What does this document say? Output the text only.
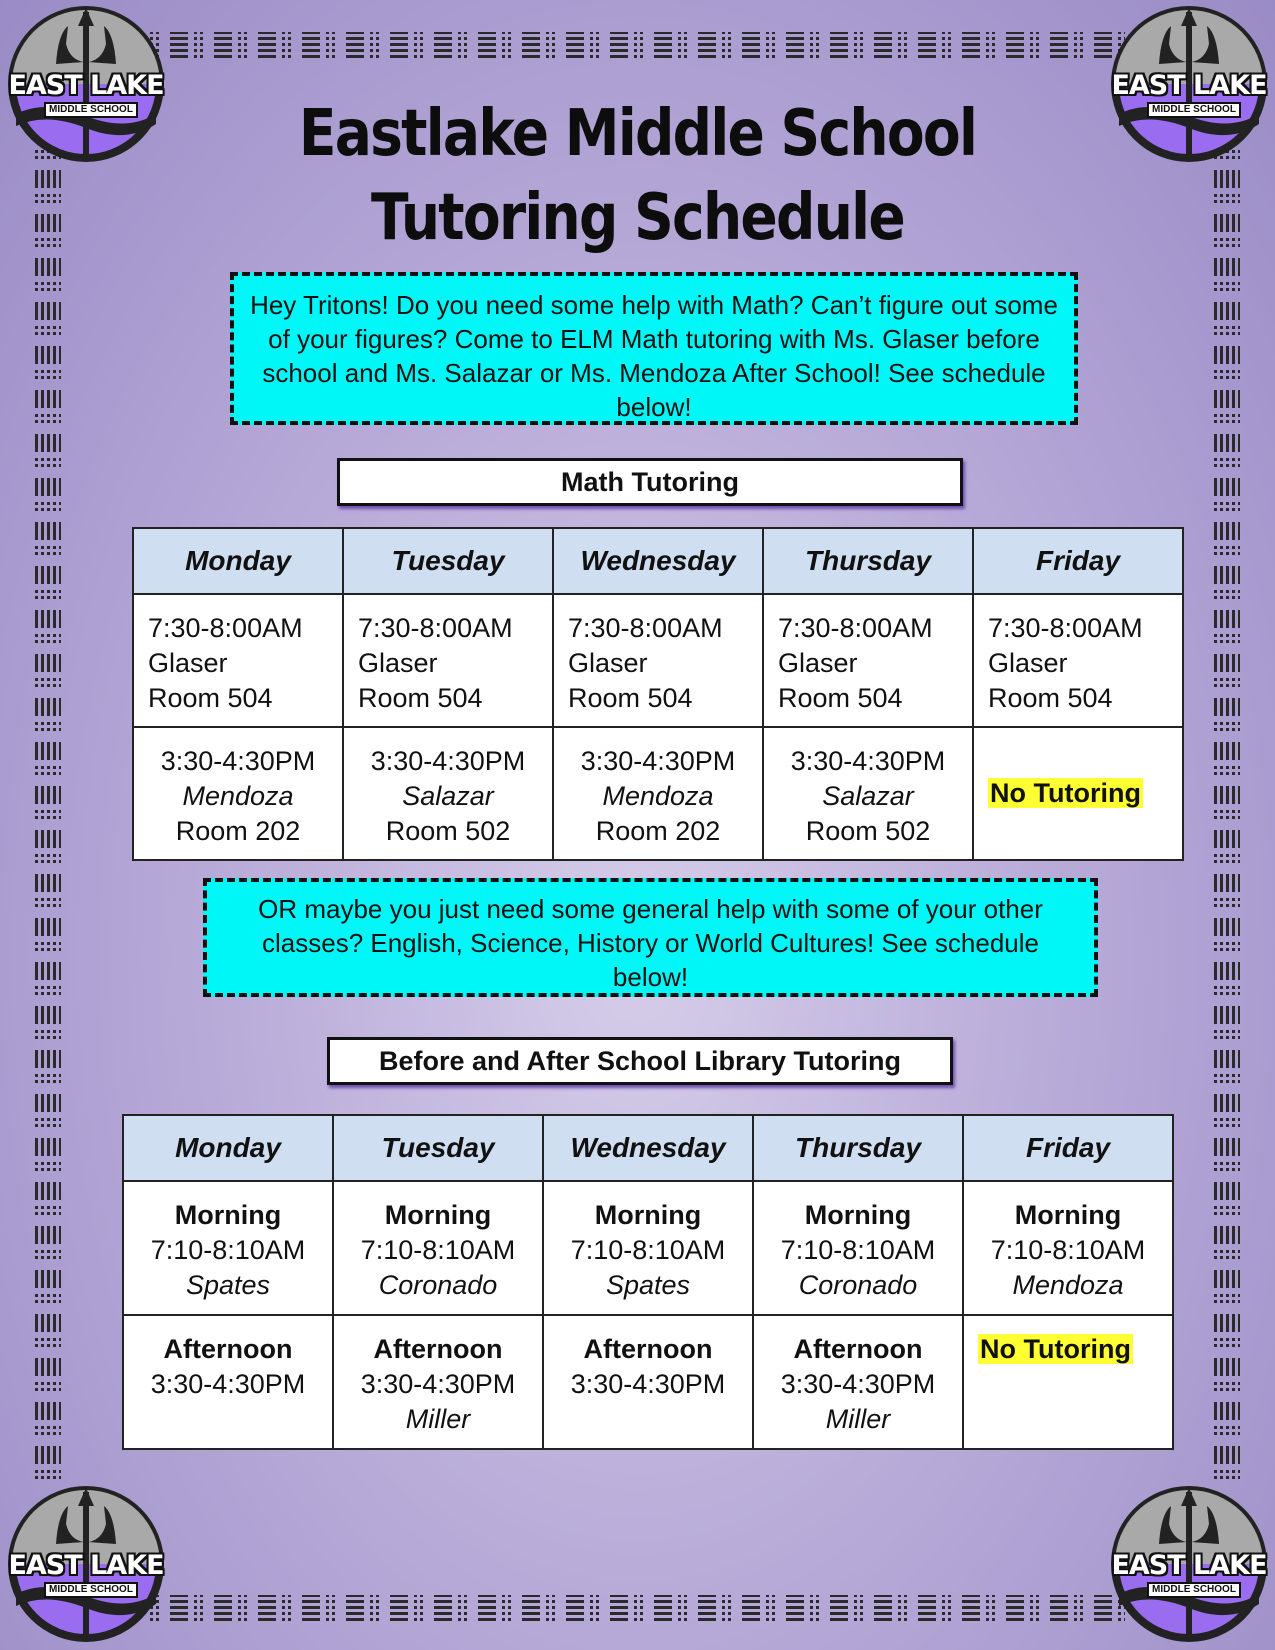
EAST LAKE
MIDDLE SCHOOL
EAST LAKE
MIDDLE SCHOOL
EAST LAKE
MIDDLE SCHOOL
EAST LAKE
MIDDLE SCHOOL
Eastlake Middle School
Tutoring Schedule
Hey Tritons! Do you need some help with Math? Can’t figure out some of your figures? Come to ELM Math tutoring with Ms. Glaser before school and Ms. Salazar or Ms. Mendoza After School! See schedule below!
Math Tutoring
Monday	Tuesday	Wednesday	Thursday	Friday

7:30-8:00AM
Glaser
Room 504	7:30-8:00AM
Glaser
Room 504	7:30-8:00AM
Glaser
Room 504	7:30-8:00AM
Glaser
Room 504	7:30-8:00AM
Glaser
Room 504

3:30-4:30PM
Mendoza
Room 202	3:30-4:30PM
Salazar
Room 502	3:30-4:30PM
Mendoza
Room 202	3:30-4:30PM
Salazar
Room 502	No Tutoring
OR maybe you just need some general help with some of your other classes? English, Science, History or World Cultures! See schedule below!
Before and After School Library Tutoring
Monday	Tuesday	Wednesday	Thursday	Friday

Morning
7:10-8:10AM
Spates	Morning
7:10-8:10AM
Coronado	Morning
7:10-8:10AM
Spates	Morning
7:10-8:10AM
Coronado	Morning
7:10-8:10AM
Mendoza

Afternoon
3:30-4:30PM	Afternoon
3:30-4:30PM
Miller	Afternoon
3:30-4:30PM	Afternoon
3:30-4:30PM
Miller	No Tutoring
